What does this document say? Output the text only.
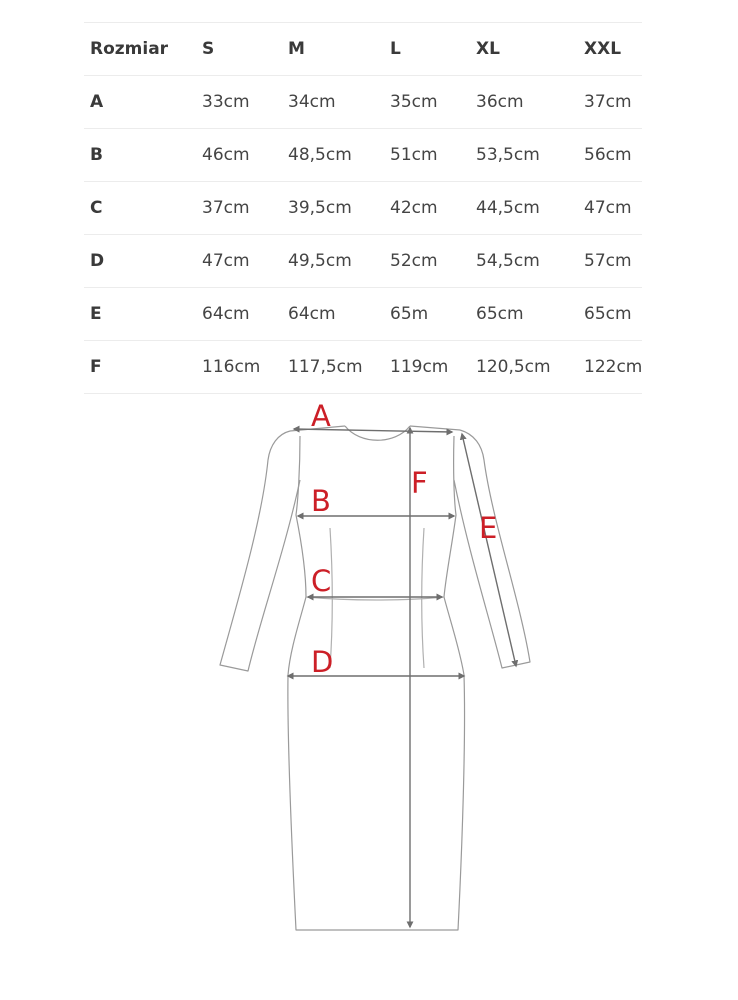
Rozmiar S	M	L	XL	XXL
A	33cm 34cm	35cm 36cm	37cm
B	46cm 48,5cm 51cm 53,5cm	56cm
C	37cm 39,5cm 42cm 44,5cm	47cm
D	47cm 49,5cm 52cm 54,5cm	57cm
E	64cm 64cm	65m	65cm	65cm
F	116cm 117,5cm 119cm 120,5cm 122cm
A
B
C
D
E
F
